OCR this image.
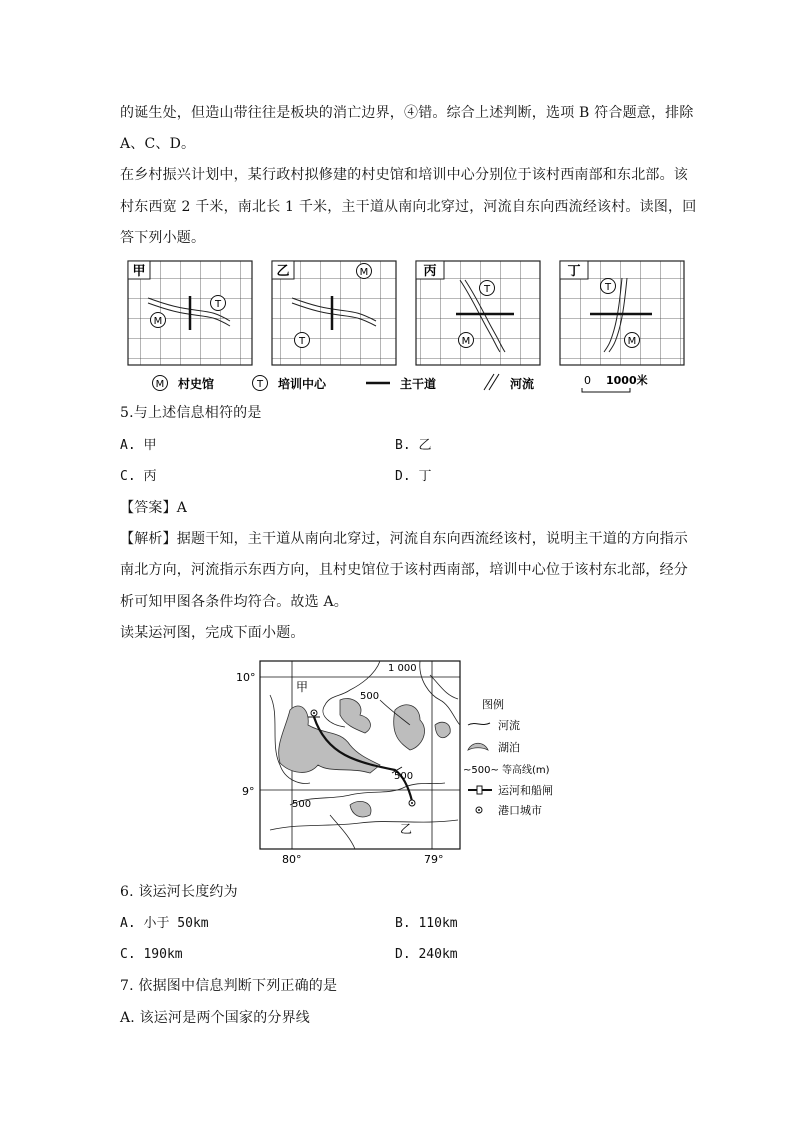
的诞生处，但造山带往往是板块的消亡边界，④错。综合上述判断，选项 B 符合题意，排除
A、C、D。
在乡村振兴计划中，某行政村拟修建的村史馆和培训中心分别位于该村西南部和东北部。该
村东西宽 2 千米，南北长 1 千米，主干道从南向北穿过，河流自东向西流经该村。读图，回
答下列小题。
甲
T
M
乙	M
T
丙
T
M
丁
T
M
M 村史馆	T 培训中心	主干道	河流	0 1000米
5.与上述信息相符的是
A. 甲	B. 乙
C. 丙	D. 丁
【答案】A
【解析】据题干知，主干道从南向北穿过，河流自东向西流经该村，说明主干道的方向指示
南北方向，河流指示东西方向，且村史馆位于该村西南部，培训中心位于该村东北部，经分
析可知甲图各条件均符合。故选 A。
读某运河图，完成下面小题。
10°
9°
80°	79°
甲
乙
1 000
500
500
500
图例
河流
湖泊
~500~ 等高线(m)
运河和船闸
港口城市
6. 该运河长度约为
A. 小于 50km	B. 110km
C. 190km	D. 240km
7. 依据图中信息判断下列正确的是
A. 该运河是两个国家的分界线
